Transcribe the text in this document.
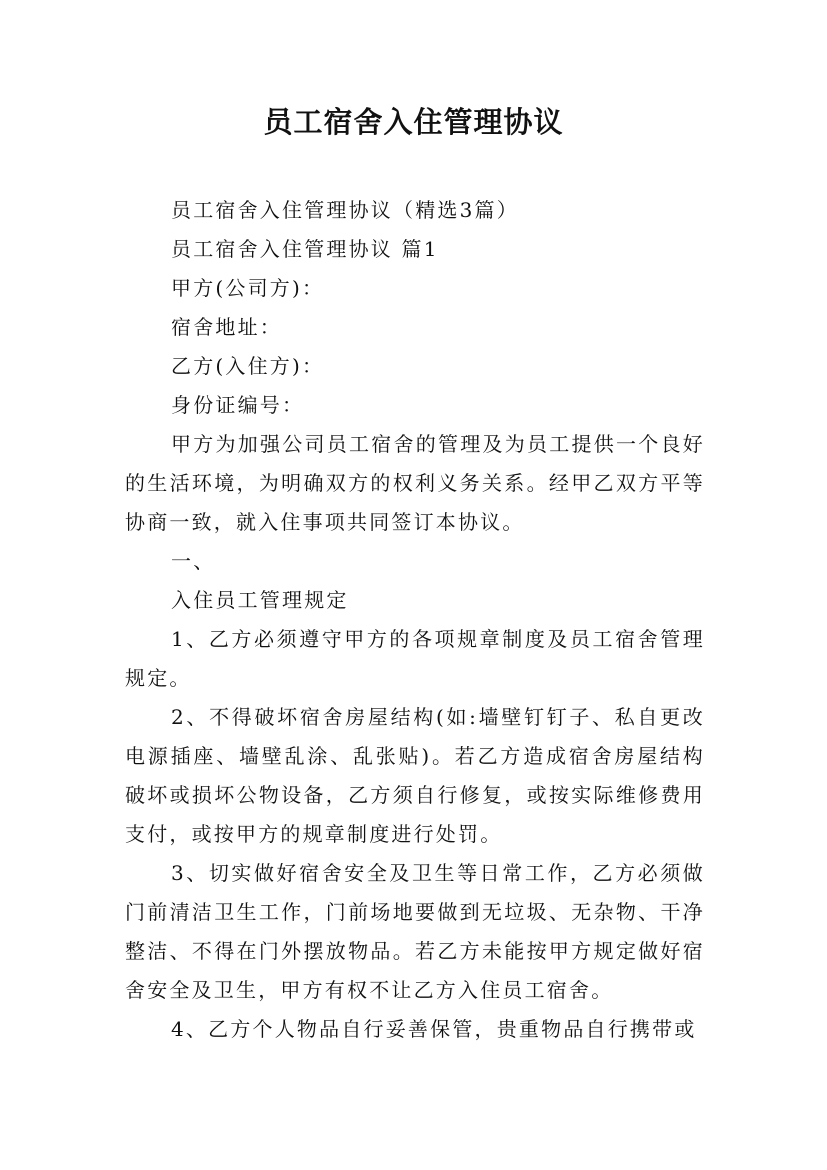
员工宿舍入住管理协议

员工宿舍入住管理协议（精选3篇）

员工宿舍入住管理协议 篇1

甲方(公司方)：

宿舍地址：

乙方(入住方)：

身份证编号：

甲方为加强公司员工宿舍的管理及为员工提供一个良好的生活环境，为明确双方的权利义务关系。经甲乙双方平等协商一致，就入住事项共同签订本协议。

一、

入住员工管理规定

1、乙方必须遵守甲方的各项规章制度及员工宿舍管理规定。

2、不得破坏宿舍房屋结构(如:墙壁钉钉子、私自更改电源插座、墙壁乱涂、乱张贴)。若乙方造成宿舍房屋结构破坏或损坏公物设备，乙方须自行修复，或按实际维修费用支付，或按甲方的规章制度进行处罚。

3、切实做好宿舍安全及卫生等日常工作，乙方必须做门前清洁卫生工作，门前场地要做到无垃圾、无杂物、干净整洁、不得在门外摆放物品。若乙方未能按甲方规定做好宿舍安全及卫生，甲方有权不让乙方入住员工宿舍。

4、乙方个人物品自行妥善保管，贵重物品自行携带或
